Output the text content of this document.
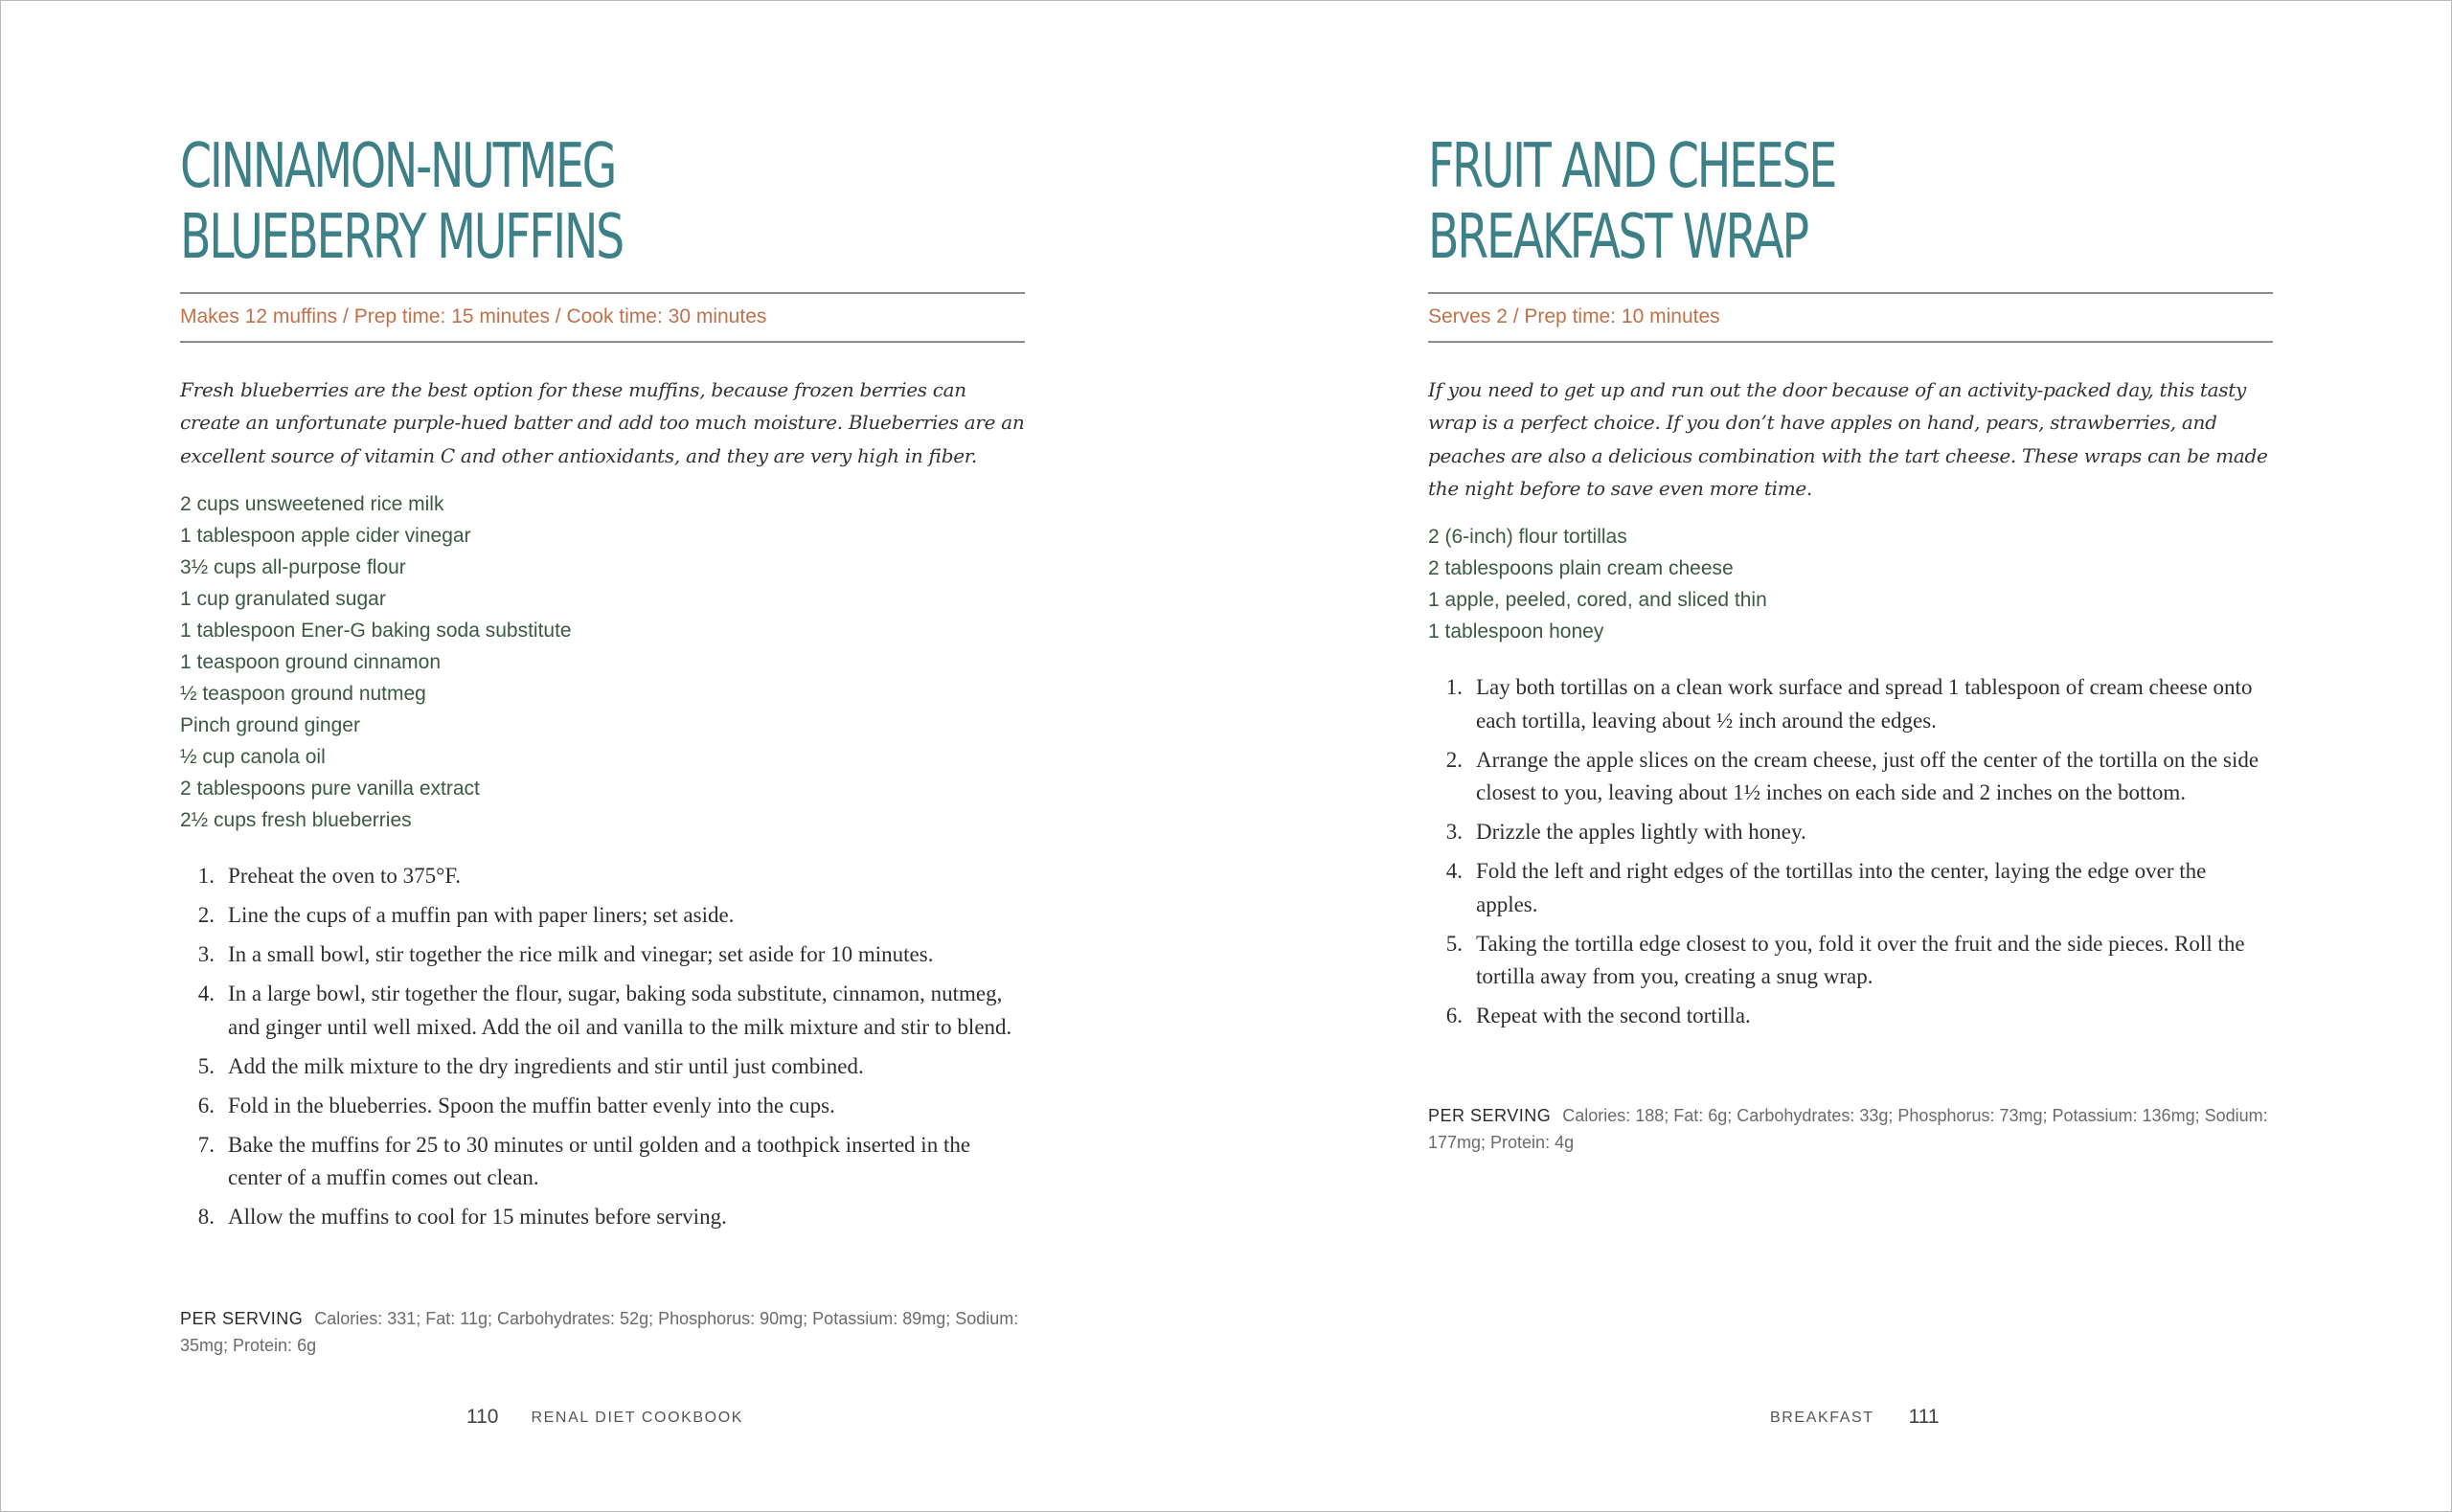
CINNAMON-NUTMEG
BLUEBERRY MUFFINS
Makes 12 muffins / Prep time: 15 minutes / Cook time: 30 minutes

Fresh blueberries are the best option for these muffins, because frozen berries can create an unfortunate purple-hued batter and add too much moisture. Blueberries are an excellent source of vitamin C and other antioxidants, and they are very high in fiber.

2 cups unsweetened rice milk
1 tablespoon apple cider vinegar
3½ cups all-purpose flour
1 cup granulated sugar
1 tablespoon Ener-G baking soda substitute
1 teaspoon ground cinnamon
½ teaspoon ground nutmeg
Pinch ground ginger
½ cup canola oil
2 tablespoons pure vanilla extract
2½ cups fresh blueberries
1. Preheat the oven to 375°F.
2. Line the cups of a muffin pan with paper liners; set aside.
3. In a small bowl, stir together the rice milk and vinegar; set aside for 10 minutes.
4. In a large bowl, stir together the flour, sugar, baking soda substitute, cinnamon, nutmeg, and ginger until well mixed. Add the oil and vanilla to the milk mixture and stir to blend.
5. Add the milk mixture to the dry ingredients and stir until just combined.
6. Fold in the blueberries. Spoon the muffin batter evenly into the cups.
7. Bake the muffins for 25 to 30 minutes or until golden and a toothpick inserted in the center of a muffin comes out clean.
8. Allow the muffins to cool for 15 minutes before serving.

PER SERVING Calories: 331; Fat: 11g; Carbohydrates: 52g; Phosphorus: 90mg; Potassium: 89mg; Sodium: 35mg; Protein: 6g

110 RENAL DIET COOKBOOK
FRUIT AND CHEESE
BREAKFAST WRAP
Serves 2 / Prep time: 10 minutes

If you need to get up and run out the door because of an activity-packed day, this tasty wrap is a perfect choice. If you don’t have apples on hand, pears, strawberries, and peaches are also a delicious combination with the tart cheese. These wraps can be made the night before to save even more time.

2 (6-inch) flour tortillas
2 tablespoons plain cream cheese
1 apple, peeled, cored, and sliced thin
1 tablespoon honey
1. Lay both tortillas on a clean work surface and spread 1 tablespoon of cream cheese onto each tortilla, leaving about ½ inch around the edges.
2. Arrange the apple slices on the cream cheese, just off the center of the tortilla on the side closest to you, leaving about 1½ inches on each side and 2 inches on the bottom.
3. Drizzle the apples lightly with honey.
4. Fold the left and right edges of the tortillas into the center, laying the edge over the apples.
5. Taking the tortilla edge closest to you, fold it over the fruit and the side pieces. Roll the tortilla away from you, creating a snug wrap.
6. Repeat with the second tortilla.

PER SERVING Calories: 188; Fat: 6g; Carbohydrates: 33g; Phosphorus: 73mg; Potassium: 136mg; Sodium: 177mg; Protein: 4g

BREAKFAST 111
